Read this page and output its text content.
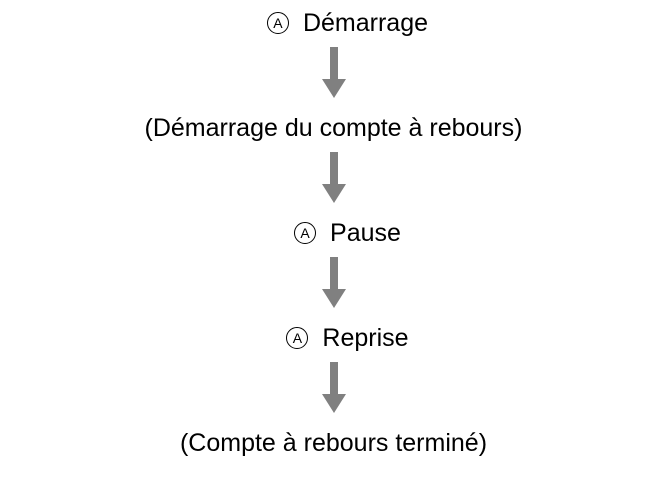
A Démarrage
(Démarrage du compte à rebours)
A Pause
A Reprise
(Compte à rebours terminé)
